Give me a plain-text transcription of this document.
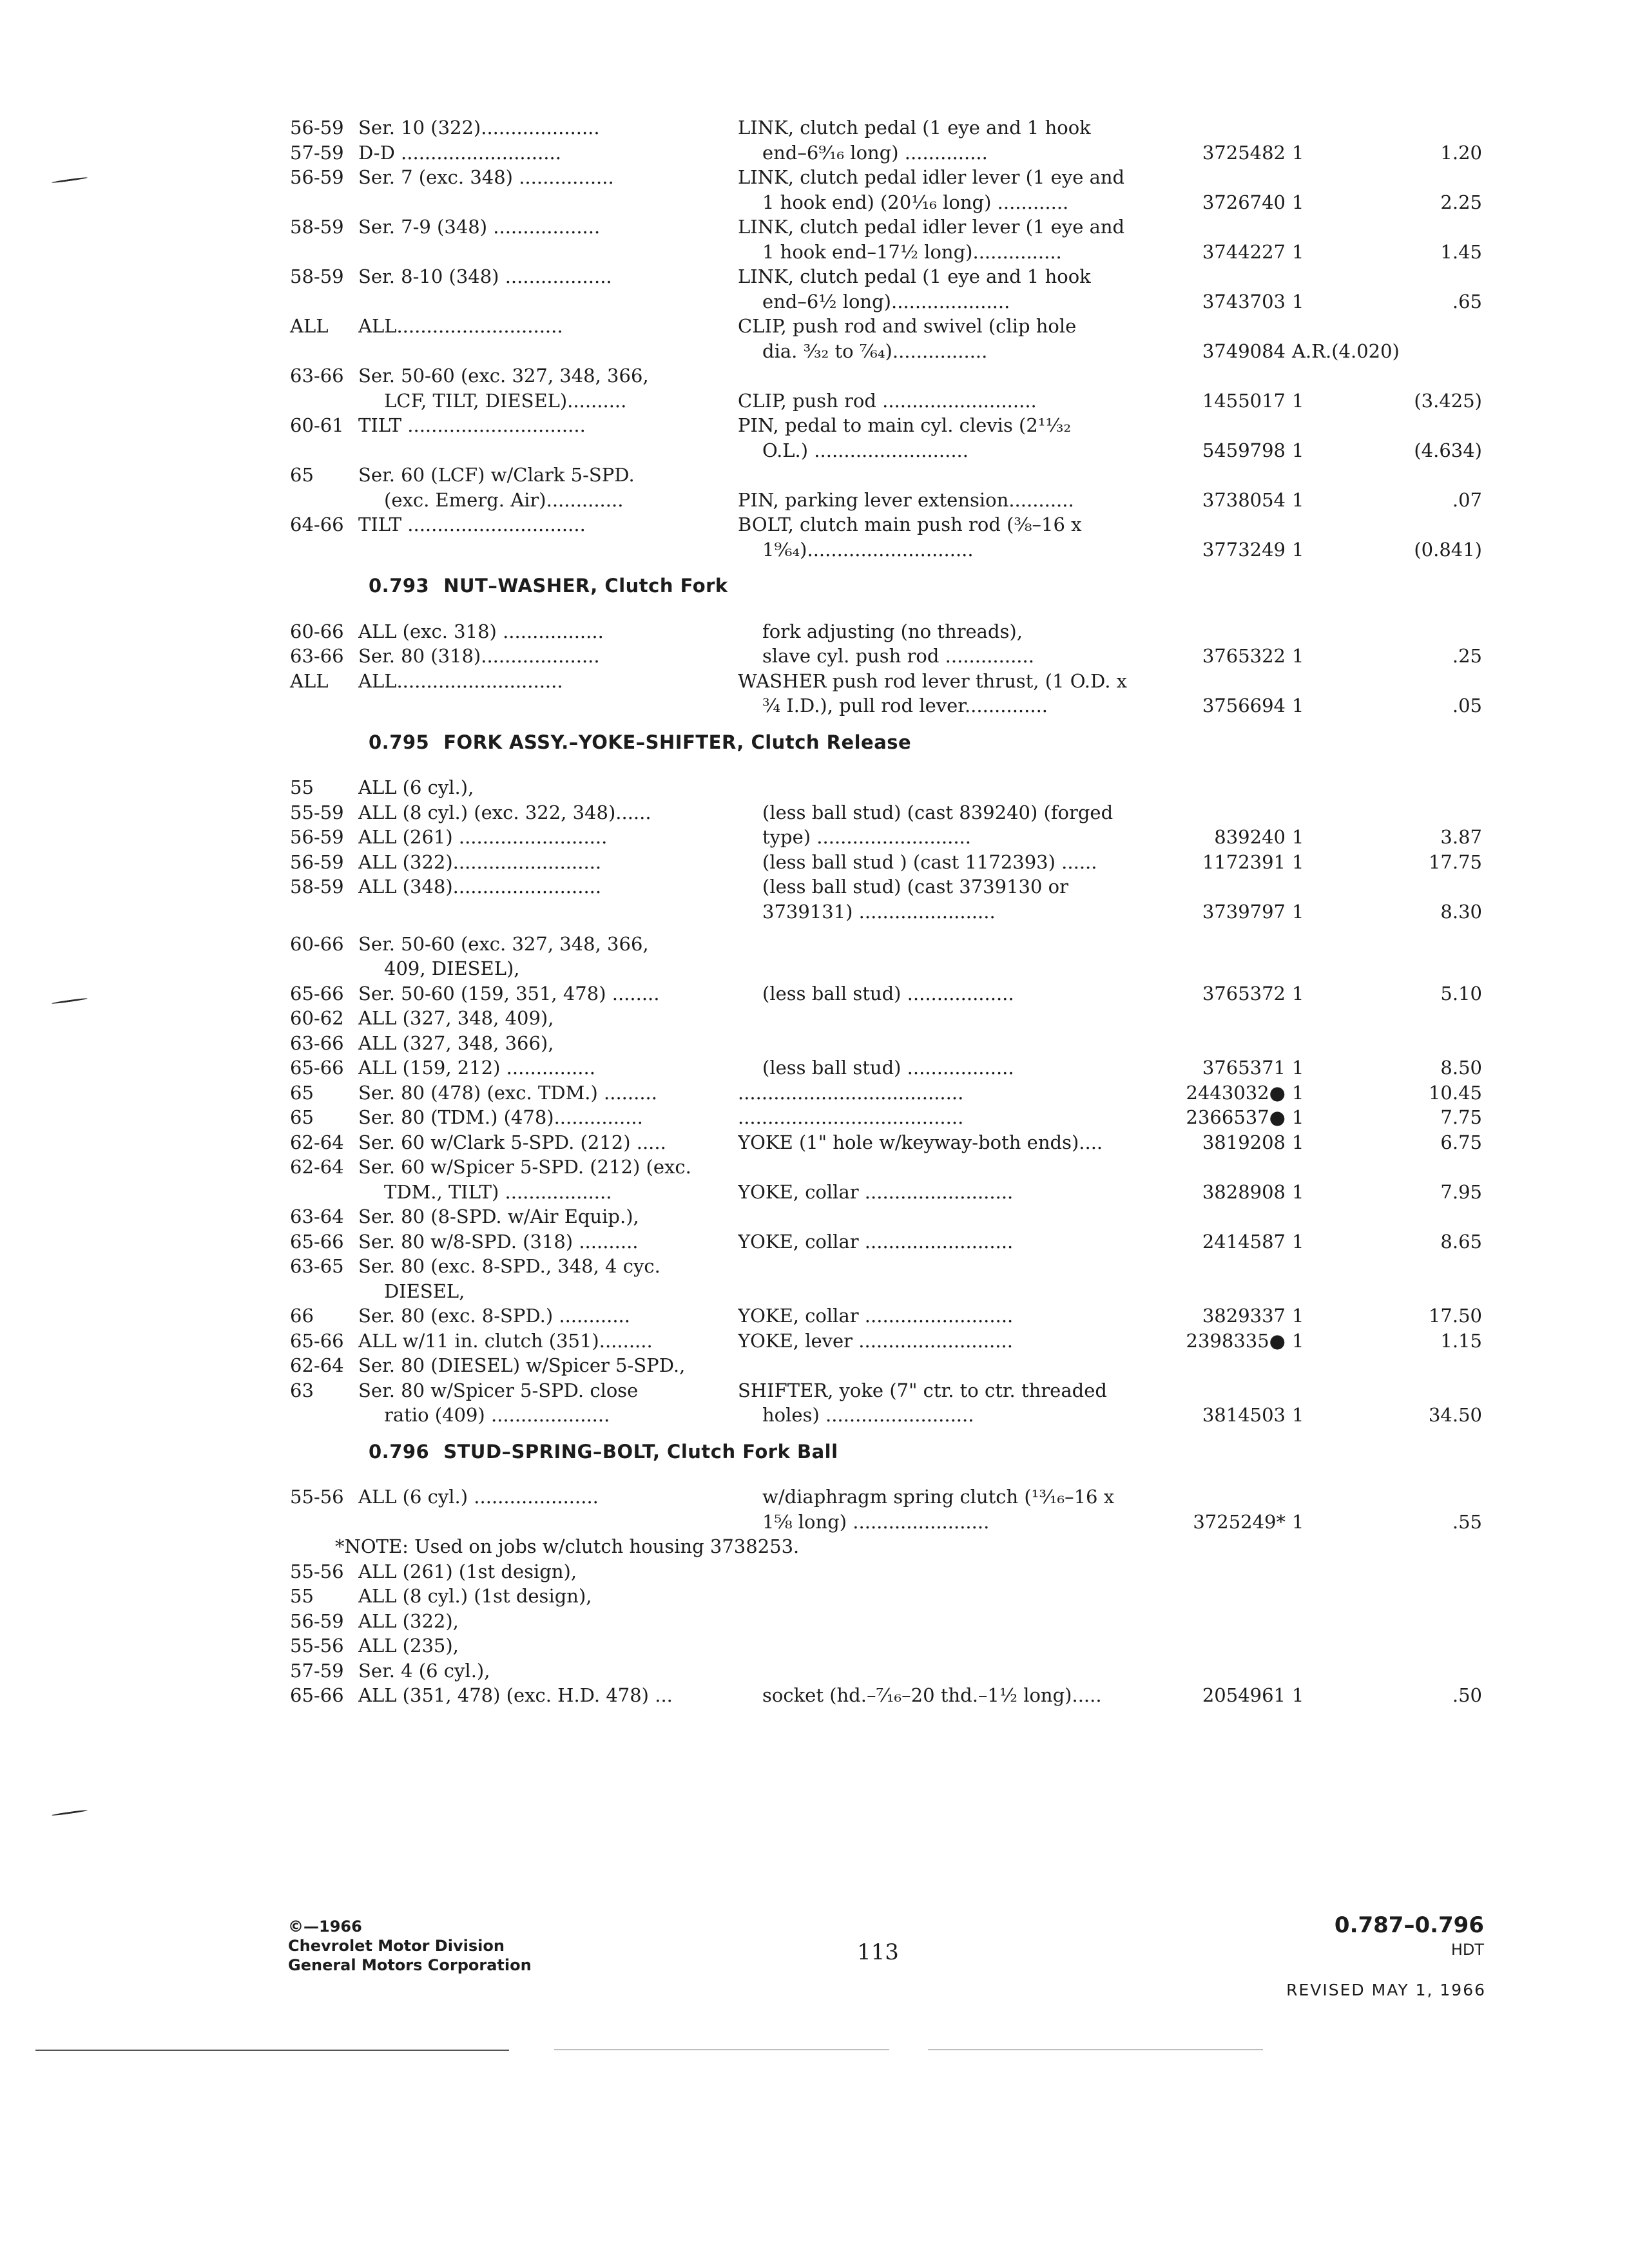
56-59 Ser. 10 (322)....................	LINK, clutch pedal (1 eye and 1 hook
57-59 D-D ...........................	end–6⁹⁄₁₆ long) ..............	3725482 1	1.20
56-59 Ser. 7 (exc. 348) ................	LINK, clutch pedal idler lever (1 eye and
1 hook end) (20¹⁄₁₆ long) ............	3726740 1	2.25
58-59 Ser. 7-9 (348) ..................	LINK, clutch pedal idler lever (1 eye and
1 hook end–17½ long)...............	3744227 1	1.45
58-59 Ser. 8-10 (348) ..................	LINK, clutch pedal (1 eye and 1 hook
end–6½ long)....................	3743703 1	.65
ALL ALL............................	CLIP, push rod and swivel (clip hole
dia. ³⁄₃₂ to ⁷⁄₆₄)................	3749084 A.R.(4.020)
63-66 Ser. 50-60 (exc. 327, 348, 366,
LCF, TILT, DIESEL)..........	CLIP, push rod ..........................	1455017 1	(3.425)
60-61 TILT ..............................	PIN, pedal to main cyl. clevis (2¹¹⁄₃₂
O.L.) ..........................	5459798 1	(4.634)
65 Ser. 60 (LCF) w/Clark 5-SPD.
(exc. Emerg. Air).............	PIN, parking lever extension...........	3738054 1	.07
64-66 TILT ..............................	BOLT, clutch main push rod (³⁄₈–16 x
1⁹⁄₆₄)............................	3773249 1	(0.841)
0.793 NUT–WASHER, Clutch Fork
60-66 ALL (exc. 318) .................	fork adjusting (no threads),
63-66 Ser. 80 (318)....................	slave cyl. push rod ...............	3765322 1	.25
ALL ALL............................	WASHER push rod lever thrust, (1 O.D. x
¾ I.D.), pull rod lever..............	3756694 1	.05
0.795 FORK ASSY.–YOKE–SHIFTER, Clutch Release
55 ALL (6 cyl.),
55-59 ALL (8 cyl.) (exc. 322, 348)......	(less ball stud) (cast 839240) (forged
56-59 ALL (261) .........................	type) ..........................	839240 1	3.87
56-59 ALL (322).........................	(less ball stud ) (cast 1172393) ......	1172391 1	17.75
58-59 ALL (348).........................	(less ball stud) (cast 3739130 or
3739131) .......................	3739797 1	8.30
60-66 Ser. 50-60 (exc. 327, 348, 366,
409, DIESEL),
65-66 Ser. 50-60 (159, 351, 478) ........	(less ball stud) ..................	3765372 1	5.10
60-62 ALL (327, 348, 409),
63-66 ALL (327, 348, 366),
65-66 ALL (159, 212) ...............	(less ball stud) ..................	3765371 1	8.50
65 Ser. 80 (478) (exc. TDM.) .........	......................................	2443032● 1	10.45
65 Ser. 80 (TDM.) (478)...............	......................................	2366537● 1	7.75
62-64 Ser. 60 w/Clark 5-SPD. (212) .....	YOKE (1" hole w/keyway-both ends)....	3819208 1	6.75
62-64 Ser. 60 w/Spicer 5-SPD. (212) (exc.
TDM., TILT) ..................	YOKE, collar .........................	3828908 1	7.95
63-64 Ser. 80 (8-SPD. w/Air Equip.),
65-66 Ser. 80 w/8-SPD. (318) ..........	YOKE, collar .........................	2414587 1	8.65
63-65 Ser. 80 (exc. 8-SPD., 348, 4 cyc.
DIESEL,
66 Ser. 80 (exc. 8-SPD.) ............	YOKE, collar .........................	3829337 1	17.50
65-66 ALL w/11 in. clutch (351).........	YOKE, lever ..........................	2398335● 1	1.15
62-64 Ser. 80 (DIESEL) w/Spicer 5-SPD.,
63 Ser. 80 w/Spicer 5-SPD. close	SHIFTER, yoke (7" ctr. to ctr. threaded
ratio (409) ....................	holes) .........................	3814503 1	34.50
0.796 STUD–SPRING–BOLT, Clutch Fork Ball
55-56 ALL (6 cyl.) .....................	w/diaphragm spring clutch (¹³⁄₁₆–16 x
1⅝ long) .......................	3725249* 1	.55
*NOTE: Used on jobs w/clutch housing 3738253.
55-56 ALL (261) (1st design),
55 ALL (8 cyl.) (1st design),
56-59 ALL (322),
55-56 ALL (235),
57-59 Ser. 4 (6 cyl.),
65-66 ALL (351, 478) (exc. H.D. 478) ...	socket (hd.–⁷⁄₁₆–20 thd.–1½ long).....	2054961 1	.50
©—1966
Chevrolet Motor Division
General Motors Corporation	113
0.787–0.796
HDT
REVISED MAY 1, 1966
